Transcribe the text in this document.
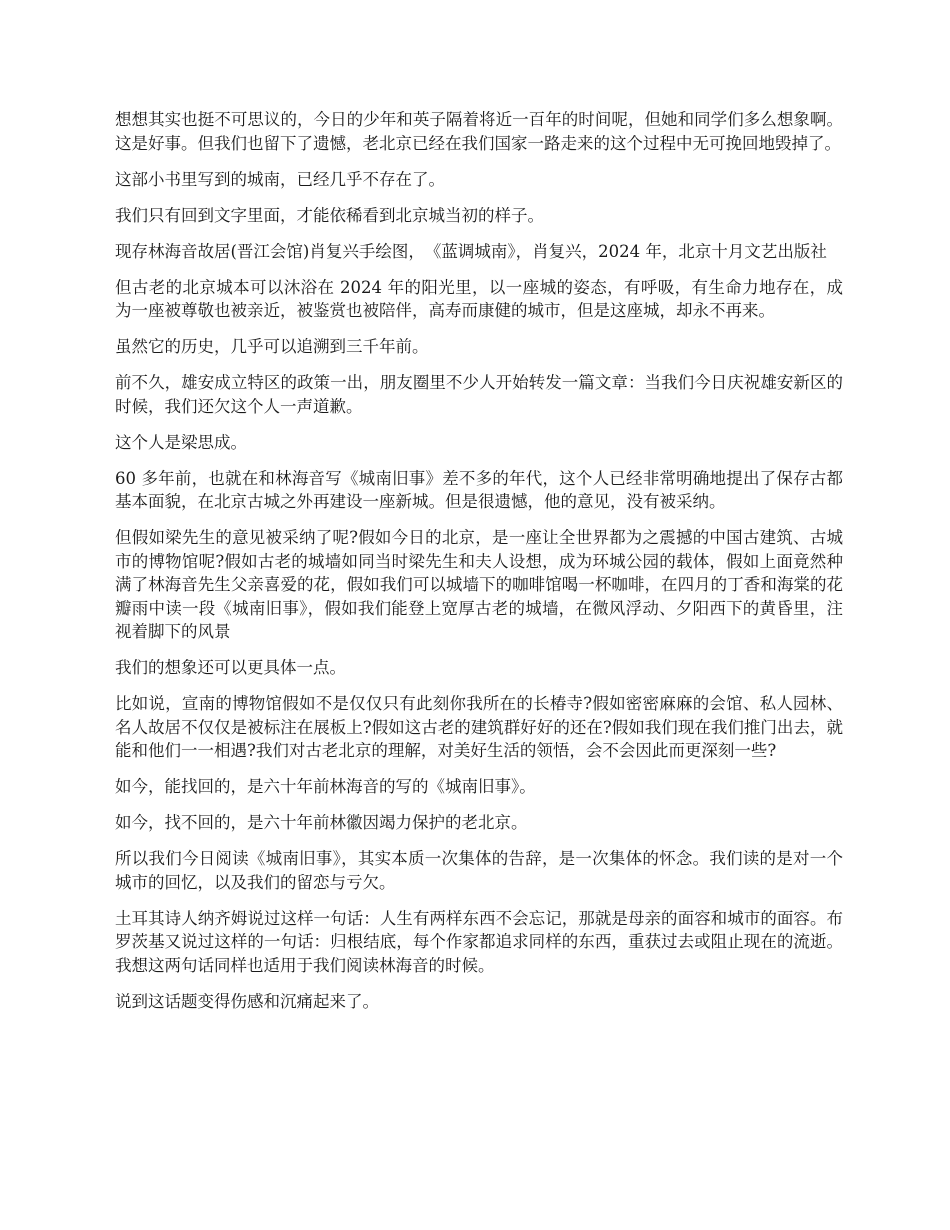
想想其实也挺不可思议的，今日的少年和英子隔着将近一百年的时间呢，但她和同学们多么想象啊。这是好事。但我们也留下了遗憾，老北京已经在我们国家一路走来的这个过程中无可挽回地毁掉了。

这部小书里写到的城南，已经几乎不存在了。

我们只有回到文字里面，才能依稀看到北京城当初的样子。

现存林海音故居(晋江会馆)肖复兴手绘图，　《蓝调城南》，肖复兴，2024 年，北京十月文艺出版社

但古老的北京城本可以沐浴在 2024 年的阳光里，以一座城的姿态，有呼吸，有生命力地存在，成为一座被尊敬也被亲近，被鉴赏也被陪伴，高寿而康健的城市，但是这座城，却永不再来。

虽然它的历史，几乎可以追溯到三千年前。

前不久，雄安成立特区的政策一出，朋友圈里不少人开始转发一篇文章：当我们今日庆祝雄安新区的时候，我们还欠这个人一声道歉。

这个人是梁思成。

60 多年前，也就在和林海音写《城南旧事》差不多的年代，这个人已经非常明确地提出了保存古都基本面貌，在北京古城之外再建设一座新城。但是很遗憾，他的意见，没有被采纳。

但假如梁先生的意见被采纳了呢?假如今日的北京，是一座让全世界都为之震撼的中国古建筑、古城市的博物馆呢?假如古老的城墙如同当时梁先生和夫人设想，成为环城公园的载体，假如上面竟然种满了林海音先生父亲喜爱的花，假如我们可以城墙下的咖啡馆喝一杯咖啡，在四月的丁香和海棠的花瓣雨中读一段《城南旧事》，假如我们能登上宽厚古老的城墙，在微风浮动、夕阳西下的黄昏里，注视着脚下的风景

我们的想象还可以更具体一点。

比如说，宣南的博物馆假如不是仅仅只有此刻你我所在的长椿寺?假如密密麻麻的会馆、私人园林、名人故居不仅仅是被标注在展板上?假如这古老的建筑群好好的还在?假如我们现在我们推门出去，就能和他们一一相遇?我们对古老北京的理解，对美好生活的领悟，会不会因此而更深刻一些?

如今，能找回的，是六十年前林海音的写的《城南旧事》。

如今，找不回的，是六十年前林徽因竭力保护的老北京。

所以我们今日阅读《城南旧事》，其实本质一次集体的告辞，是一次集体的怀念。我们读的是对一个城市的回忆，以及我们的留恋与亏欠。

土耳其诗人纳齐姆说过这样一句话：人生有两样东西不会忘记，那就是母亲的面容和城市的面容。布罗茨基又说过这样的一句话：归根结底，每个作家都追求同样的东西，重获过去或阻止现在的流逝。我想这两句话同样也适用于我们阅读林海音的时候。

说到这话题变得伤感和沉痛起来了。
